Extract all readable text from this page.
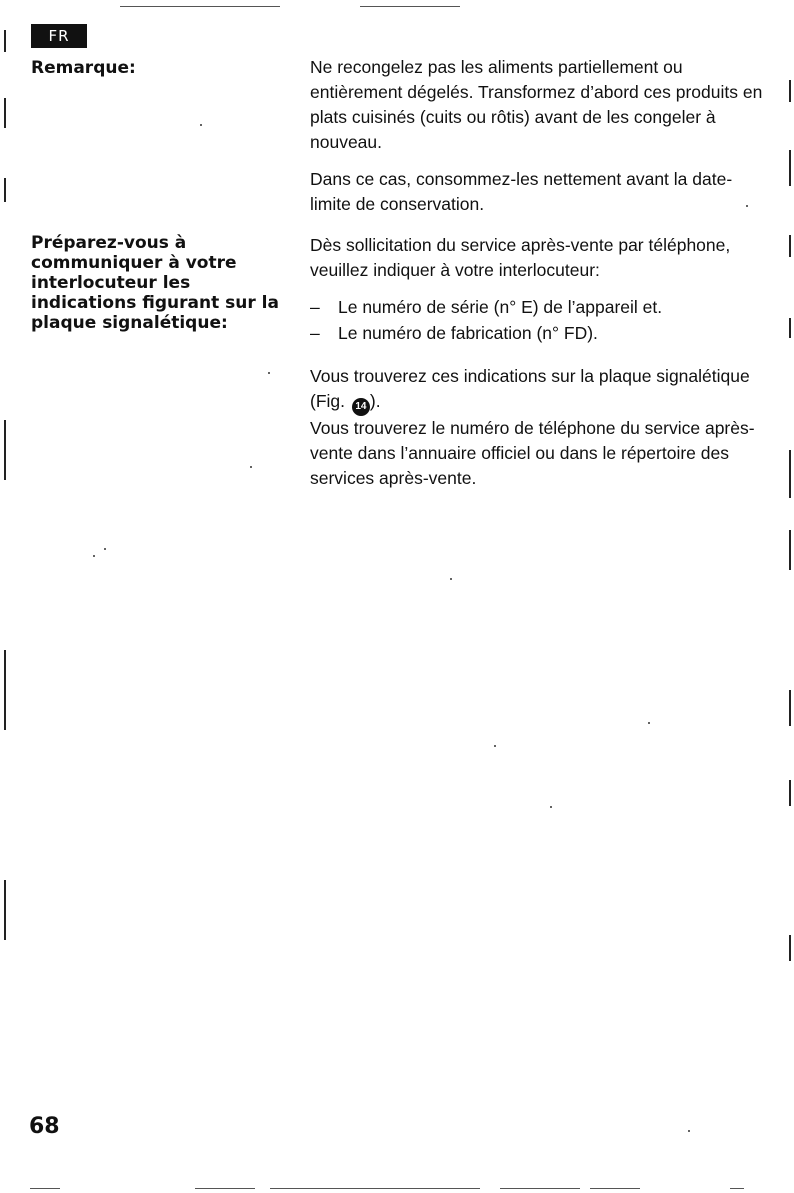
FR
Remarque:	Ne recongelez pas les aliments partiellement ou entièrement dégelés. Transformez d’abord ces produits en plats cuisinés (cuits ou rôtis) avant de les congeler à nouveau.

Dans ce cas, consommez-les nettement avant la date-limite de conservation.

Préparez-vous à communiquer à votre interlocuteur les indications figurant sur la plaque signalétique:

Dès sollicitation du service après-vente par téléphone, veuillez indiquer à votre interlocuteur:

–	Le numéro de série (n° E) de l’appareil et.
–	Le numéro de fabrication (n° FD).

Vous trouverez ces indications sur la plaque signalétique (Fig. 14 ).

Vous trouverez le numéro de téléphone du service après-vente dans l’annuaire officiel ou dans le répertoire des services après-vente.

68
